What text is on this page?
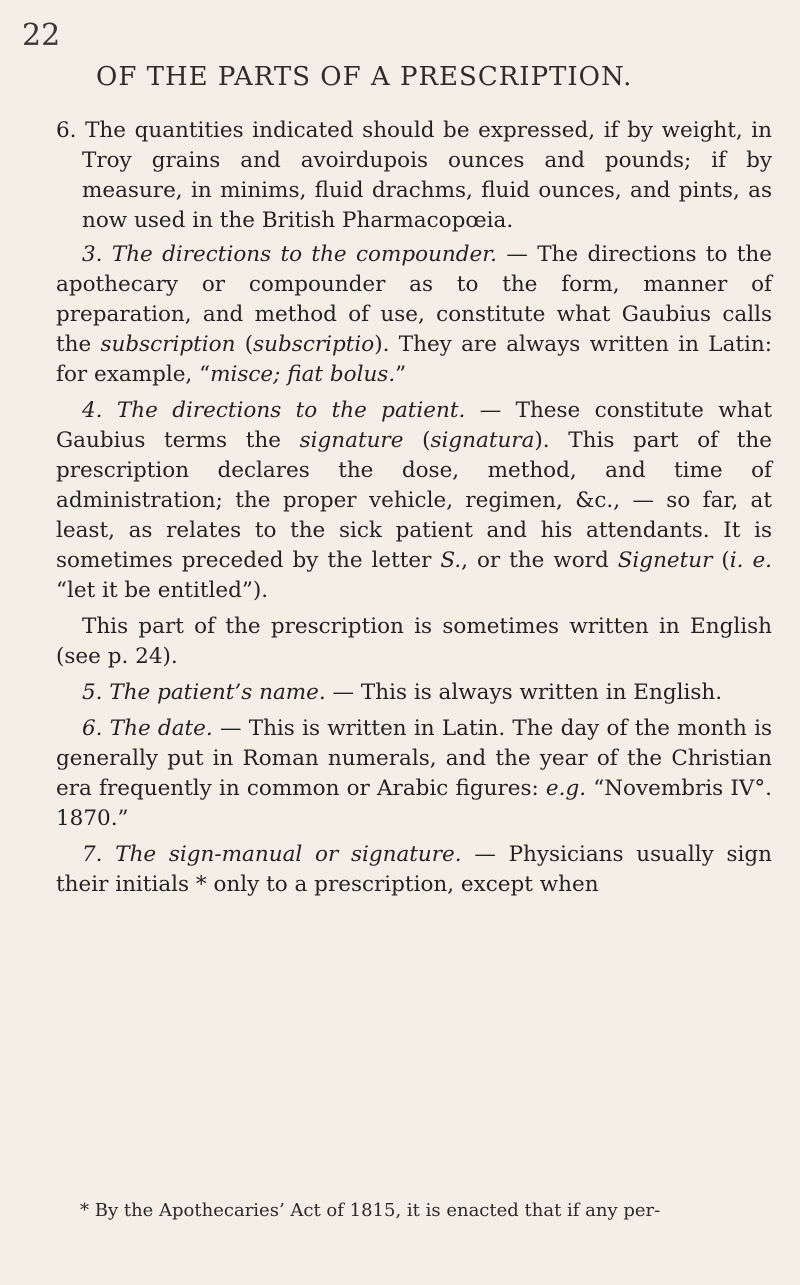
22
OF THE PARTS OF A PRESCRIPTION.

6. The quantities indicated should be expressed, if by weight, in Troy grains and avoirdupois ounces and pounds; if by measure, in minims, fluid drachms, fluid ounces, and pints, as now used in the British Pharmacopœia.

3. The directions to the compounder. — The directions to the apothecary or compounder as to the form, manner of preparation, and method of use, constitute what Gaubius calls the subscription (subscriptio). They are always written in Latin: for example, “misce; fiat bolus.”

4. The directions to the patient. — These constitute what Gaubius terms the signature (signatura). This part of the prescription declares the dose, method, and time of administration; the proper vehicle, regimen, &c., — so far, at least, as relates to the sick patient and his attendants. It is sometimes preceded by the letter S., or the word Signetur (i. e. “let it be entitled”).

This part of the prescription is sometimes written in English (see p. 24).

5. The patient’s name. — This is always written in English.

6. The date. — This is written in Latin. The day of the month is generally put in Roman numerals, and the year of the Christian era frequently in common or Arabic figures: e.g. “Novembris IV°. 1870.”

7. The sign-manual or signature. — Physicians usually sign their initials * only to a prescription, except when

* By the Apothecaries’ Act of 1815, it is enacted that if any per-
